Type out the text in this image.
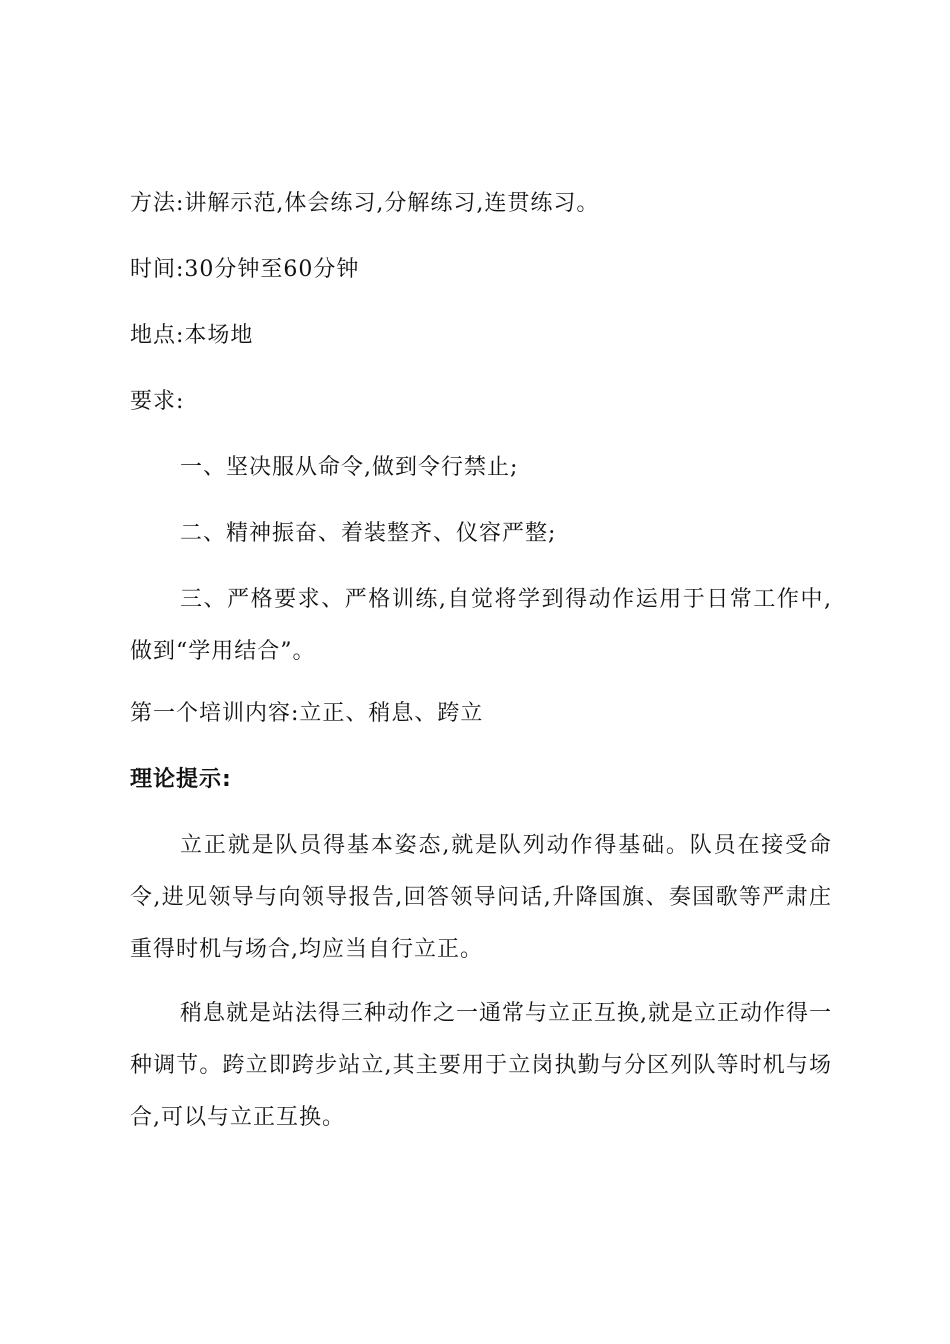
方法:讲解示范,体会练习,分解练习,连贯练习。
时间:30分钟至60分钟
地点:本场地
要求:
一、坚决服从命令,做到令行禁止;
二、精神振奋、着装整齐、仪容严整;
三、严格要求、严格训练,自觉将学到得动作运用于日常工作中,做到“学用结合”。
第一个培训内容:立正、稍息、跨立
理论提示:
立正就是队员得基本姿态,就是队列动作得基础。队员在接受命令,进见领导与向领导报告,回答领导问话,升降国旗、奏国歌等严肃庄重得时机与场合,均应当自行立正。
稍息就是站法得三种动作之一通常与立正互换,就是立正动作得一种调节。跨立即跨步站立,其主要用于立岗执勤与分区列队等时机与场合,可以与立正互换。
